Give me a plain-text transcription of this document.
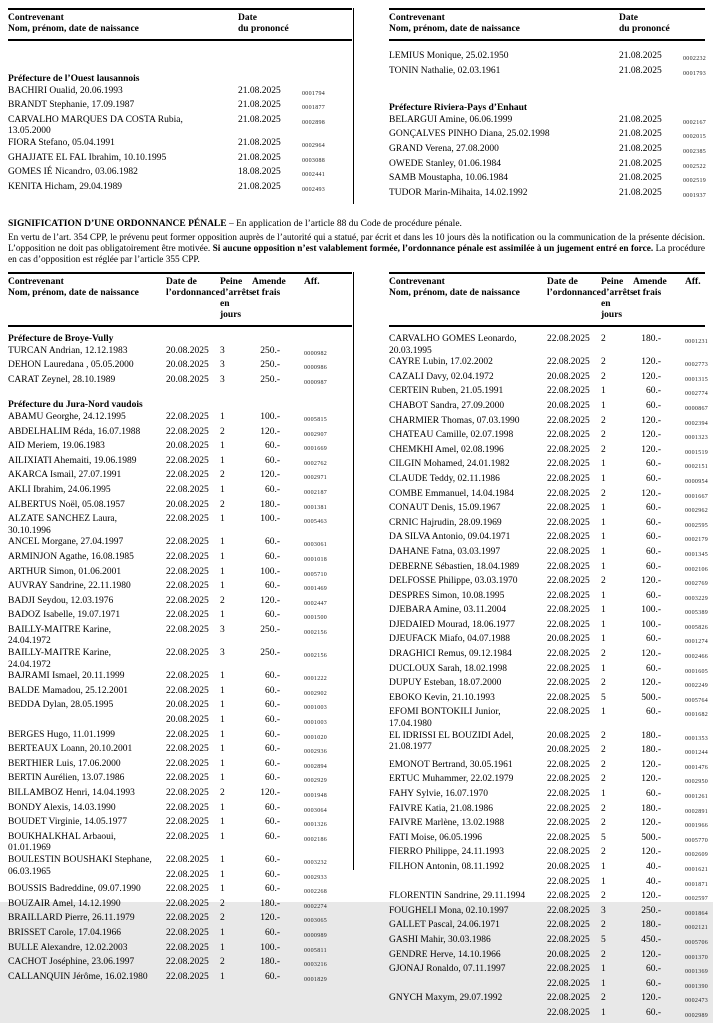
Contrevenant
Nom, prénom, date de naissance
Date
du prononcé
Préfecture de l’Ouest lausannois
BACHIRI Oualid, 20.06.1993	21.08.2025	0001794
BRANDT Stephanie, 17.09.1987	21.08.2025	0001877
CARVALHO MARQUES DA COSTA Rubia, 13.05.2000
21.08.2025	0002898
FIORA Stefano, 05.04.1991	21.08.2025	0002964
GHAJJATE EL FAL Ibrahim, 10.10.1995	21.08.2025	0003088
GOMES IÉ Nicandro, 03.06.1982	18.08.2025	0002441
KENITA Hicham, 29.04.1989	21.08.2025	0002493
Contrevenant
Nom, prénom, date de naissance
Date
du prononcé
LEMIUS Monique, 25.02.1950	21.08.2025	0002232
TONIN Nathalie, 02.03.1961	21.08.2025	0001793
Préfecture Riviera-Pays d’Enhaut
BELARGUI Amine, 06.06.1999	21.08.2025	0002167
GONÇALVES PINHO Diana, 25.02.1998	21.08.2025	0002015
GRAND Verena, 27.08.2000	21.08.2025	0002385
OWEDE Stanley, 01.06.1984	21.08.2025	0002522
SAMB Moustapha, 10.06.1984	21.08.2025	0002519
TUDOR Marin-Mihaita, 14.02.1992	21.08.2025	0001937
SIGNIFICATION D’UNE ORDONNANCE PÉNALE – En application de l’article 88 du Code de procédure pénale.
En vertu de l’art. 354 CPP, le prévenu peut former opposition auprès de l’autorité qui a statué, par écrit et dans les 10 jours dès la notification ou la communication de la présente décision. L’opposition ne doit pas obligatoirement être motivée. Si aucune opposition n’est valablement formée, l’ordonnance pénale est assimilée à un jugement entré en force. La procédure en cas d’opposition est réglée par l’article 355 CPP.
Contrevenant
Nom, prénom, date de naissance
Date de
l’ordonnance
Peine
d’arrêts
en jours
Amende
et frais
Aff.
Préfecture de Broye-Vully
TURCAN Andrian, 12.12.1983	20.08.2025	3	250.-	0000982
DEHON Lauredana , 05.05.2000	20.08.2025	3	250.-	0000986
CARAT Zeynel, 28.10.1989	20.08.2025	3	250.-	0000987
Préfecture du Jura-Nord vaudois
ABAMU Georghe, 24.12.1995	22.08.2025	1	100.-	0005815
ABDELHALIM Réda, 16.07.1988	22.08.2025	2	120.-	0002907
AID Meriem, 19.06.1983	20.08.2025	1	60.-	0001669
AILIXIATI Ahemaiti, 19.06.1989	22.08.2025	1	60.-	0002762
AKARCA Ismail, 27.07.1991	22.08.2025	2	120.-	0002971
AKLI Ibrahim, 24.06.1995	22.08.2025	1	60.-	0002187
ALBERTUS Noël, 05.08.1957	20.08.2025	2	180.-	0001381
ALZATE SANCHEZ Laura, 30.10.1996
22.08.2025	1	100.-	0005463
ANCEL Morgane, 27.04.1997	22.08.2025	1	60.-	0003061
ARMINJON Agathe, 16.08.1985	22.08.2025	1	60.-	0001018
ARTHUR Simon, 01.06.2001	22.08.2025	1	100.-	0005710
AUVRAY Sandrine, 22.11.1980	22.08.2025	1	60.-	0001469
BADJI Seydou, 12.03.1976	22.08.2025	2	120.-	0002447
BADOZ Isabelle, 19.07.1971	22.08.2025	1	60.-	0001500
BAILLY-MAITRE Karine, 24.04.1972
22.08.2025	3	250.-	0002156
BAILLY-MAITRE Karine, 24.04.1972
22.08.2025	3	250.-	0002156
BAJRAMI Ismael, 20.11.1999	22.08.2025	1	60.-	0001222
BALDE Mamadou, 25.12.2001	22.08.2025	1	60.-	0002902
BEDDA Dylan, 28.05.1995	20.08.2025	1	60.-	0001003
20.08.2025	1	60.-	0001003
BERGES Hugo, 11.01.1999	22.08.2025	1	60.-	0001020
BERTEAUX Loann, 20.10.2001	22.08.2025	1	60.-	0002936
BERTHIER Luis, 17.06.2000	22.08.2025	1	60.-	0002894
BERTIN Aurélien, 13.07.1986	22.08.2025	1	60.-	0002929
BILLAMBOZ Henri, 14.04.1993	22.08.2025	2	120.-	0001948
BONDY Alexis, 14.03.1990	22.08.2025	1	60.-	0003064
BOUDET Virginie, 14.05.1977	22.08.2025	1	60.-	0001326
BOUKHALKHAL Arbaoui, 01.01.1969
22.08.2025	1	60.-	0002186
BOULESTIN BOUSHAKI Stephane, 06.03.1965
22.08.2025	1	60.-	0003232
22.08.2025	1	60.-	0002933
BOUSSIS Badreddine, 09.07.1990	22.08.2025	1	60.-	0002268
BOUZAIR Amel, 14.12.1990	22.08.2025	2	180.-	0002274
BRAILLARD Pierre, 26.11.1979	22.08.2025	2	120.-	0003065
BRISSET Carole, 17.04.1966	22.08.2025	1	60.-	0000989
BULLE Alexandre, 12.02.2003	22.08.2025	1	100.-	0005811
CACHOT Joséphine, 23.06.1997	22.08.2025	2	180.-	0003216
CALLANQUIN Jérôme, 16.02.1980	22.08.2025	1	60.-	0001829
Contrevenant
Nom, prénom, date de naissance
Date de
l’ordonnance
Peine
d’arrêts
en jours
Amende
et frais
Aff.
CARVALHO GOMES Leonardo, 20.03.1995
22.08.2025	2	180.-	0001231
CAYRE Lubin, 17.02.2002	22.08.2025	2	120.-	0002773
CAZALI Davy, 02.04.1972	20.08.2025	2	120.-	0001315
CERTEIN Ruben, 21.05.1991	22.08.2025	1	60.-	0002774
CHABOT Sandra, 27.09.2000	20.08.2025	1	60.-	0000867
CHARMIER Thomas, 07.03.1990	22.08.2025	2	120.-	0002394
CHATEAU Camille, 02.07.1998	22.08.2025	2	120.-	0001323
CHEMKHI Amel, 02.08.1996	22.08.2025	2	120.-	0001519
CILGIN Mohamed, 24.01.1982	22.08.2025	1	60.-	0002151
CLAUDE Teddy, 02.11.1986	22.08.2025	1	60.-	0000954
COMBE Emmanuel, 14.04.1984	22.08.2025	2	120.-	0001667
CONAUT Denis, 15.09.1967	22.08.2025	1	60.-	0002962
CRNIC Hajrudin, 28.09.1969	22.08.2025	1	60.-	0002595
DA SILVA Antonio, 09.04.1971	22.08.2025	1	60.-	0002179
DAHANE Fatna, 03.03.1997	22.08.2025	1	60.-	0001345
DEBERNE Sébastien, 18.04.1989	22.08.2025	1	60.-	0002106
DELFOSSE Philippe, 03.03.1970	22.08.2025	2	120.-	0002769
DESPRES Simon, 10.08.1995	22.08.2025	1	60.-	0003229
DJEBARA Amine, 03.11.2004	22.08.2025	1	100.-	0005389
DJEDAIED Mourad, 18.06.1977	22.08.2025	1	100.-	0005826
DJEUFACK Miafo, 04.07.1988	20.08.2025	1	60.-	0001274
DRAGHICI Remus, 09.12.1984	22.08.2025	2	120.-	0002466
DUCLOUX Sarah, 18.02.1998	22.08.2025	1	60.-	0001605
DUPUY Esteban, 18.07.2000	22.08.2025	2	120.-	0002249
EBOKO Kevin, 21.10.1993	22.08.2025	5	500.-	0005764
EFOMI BONTOKILI Junior, 17.04.1980
22.08.2025	1	60.-	0001682
EL IDRISSI EL BOUZIDI Adel, 21.08.1977
20.08.2025	2	180.-	0001353
20.08.2025	2	180.-	0001244
EMONOT Bertrand, 30.05.1961	22.08.2025	2	120.-	0001476
ERTUC Muhammer, 22.02.1979	22.08.2025	2	120.-	0002950
FAHY Sylvie, 16.07.1970	22.08.2025	1	60.-	0001261
FAIVRE Katia, 21.08.1986	22.08.2025	2	180.-	0002891
FAIVRE Marlène, 13.02.1988	22.08.2025	2	120.-	0001966
FATI Moise, 06.05.1996	22.08.2025	5	500.-	0005770
FIERRO Philippe, 24.11.1993	22.08.2025	2	120.-	0002609
FILHON Antonin, 08.11.1992	20.08.2025	1	40.-	0001621
22.08.2025	1	40.-	0001871
FLORENTIN Sandrine, 29.11.1994	22.08.2025	2	120.-	0002597
FOUGHELI Mona, 02.10.1997	22.08.2025	3	250.-	0001864
GALLET Pascal, 24.06.1971	22.08.2025	2	180.-	0002121
GASHI Mahir, 30.03.1986	22.08.2025	5	450.-	0005706
GENDRE Herve, 14.10.1966	20.08.2025	2	120.-	0001370
GJONAJ Ronaldo, 07.11.1997	22.08.2025	1	60.-	0001369
22.08.2025	1	60.-	0001390
GNYCH Maxym, 29.07.1992	22.08.2025	2	120.-	0002473
22.08.2025	1	60.-	0002989
